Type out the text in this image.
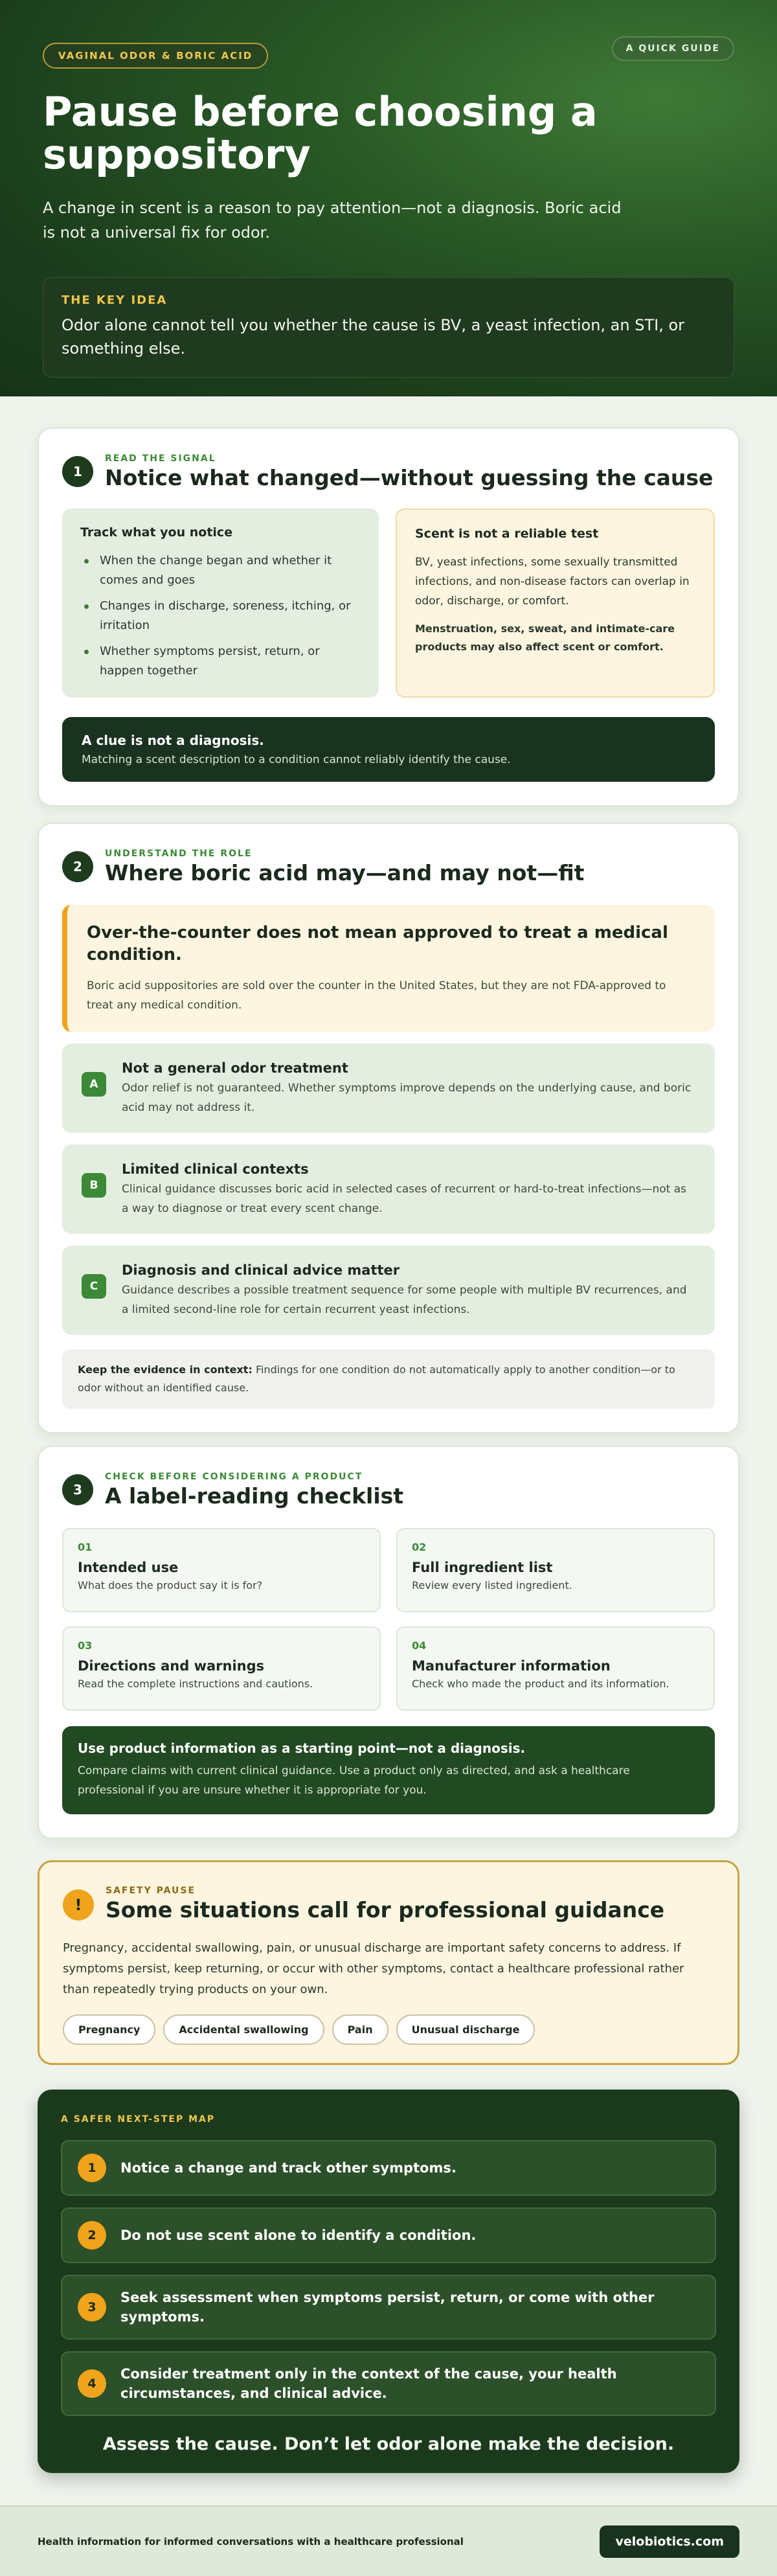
VAGINAL ODOR & BORIC ACID
A QUICK GUIDE
Pause before choosing a suppository

A change in scent is a reason to pay attention—not a diagnosis. Boric acid is not a universal fix for odor.

THE KEY IDEA
Odor alone cannot tell you whether the cause is BV, a yeast infection, an STI, or something else.
1
READ THE SIGNAL
Notice what changed—without guessing the cause
Track what you notice
When the change began and whether it comes and goes
Changes in discharge, soreness, itching, or irritation
Whether symptoms persist, return, or happen together
Scent is not a reliable test

BV, yeast infections, some sexually transmitted infections, and non-disease factors can overlap in odor, discharge, or comfort.

Menstruation, sex, sweat, and intimate-care products may also affect scent or comfort.

A clue is not a diagnosis.
Matching a scent description to a condition cannot reliably identify the cause.
2
UNDERSTAND THE ROLE
Where boric acid may—and may not—fit
Over-the-counter does not mean approved to treat a medical condition.
Boric acid suppositories are sold over the counter in the United States, but they are not FDA-approved to treat any medical condition.
A
Not a general odor treatment
Odor relief is not guaranteed. Whether symptoms improve depends on the underlying cause, and boric acid may not address it.
B
Limited clinical contexts
Clinical guidance discusses boric acid in selected cases of recurrent or hard-to-treat infections—not as a way to diagnose or treat every scent change.
C
Diagnosis and clinical advice matter
Guidance describes a possible treatment sequence for some people with multiple BV recurrences, and a limited second-line role for certain recurrent yeast infections.
Keep the evidence in context: Findings for one condition do not automatically apply to another condition—or to odor without an identified cause.
3
CHECK BEFORE CONSIDERING A PRODUCT
A label-reading checklist
01
Intended use
What does the product say it is for?
02
Full ingredient list
Review every listed ingredient.
03
Directions and warnings
Read the complete instructions and cautions.
04
Manufacturer information
Check who made the product and its information.
Use product information as a starting point—not a diagnosis.
Compare claims with current clinical guidance. Use a product only as directed, and ask a healthcare professional if you are unsure whether it is appropriate for you.
!
SAFETY PAUSE
Some situations call for professional guidance

Pregnancy, accidental swallowing, pain, or unusual discharge are important safety concerns to address. If symptoms persist, keep returning, or occur with other symptoms, contact a healthcare professional rather than repeatedly trying products on your own.

Pregnancy	Accidental swallowing	Pain	Unusual discharge
A SAFER NEXT-STEP MAP
1	Notice a change and track other symptoms.
2	Do not use scent alone to identify a condition.
3
Seek assessment when symptoms persist, return, or come with other symptoms.
4
Consider treatment only in the context of the cause, your health circumstances, and clinical advice.
Assess the cause. Don’t let odor alone make the decision.
Health information for informed conversations with a healthcare professional	velobiotics.com
